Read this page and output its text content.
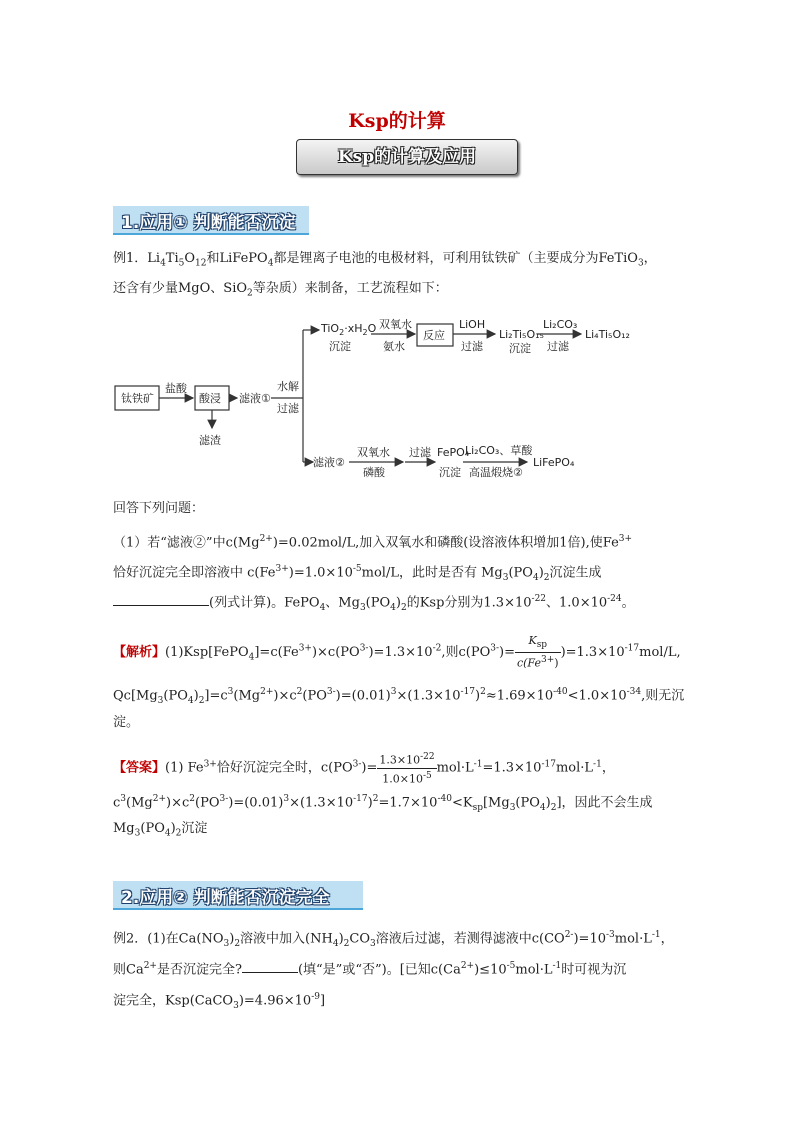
Ksp的计算
Ksp的计算及应用
1.应用① 判断能否沉淀
例1．$Li_4Ti_5O_{12}$和LiFePO$_4$都是锂离子电池的电极材料，可利用钛铁矿（主要成分为FeTiO$_3$，
还含有少量MgO、SiO$_2$等杂质）来制备，工艺流程如下：
钛铁矿
盐酸
酸浸
滤渣
滤液①
水解
过滤
$TiO_2\cdot xH_2O$
沉淀
双氧水
氨水
反应
LiOH
过滤
Li₂Ti₅O₁₅
沉淀
Li₂CO₃
过滤
Li₄Ti₅O₁₂
滤液②
双氧水
磷酸
过滤 FePO₄
沉淀
Li₂CO₃、草酸
高温煅烧②
LiFePO₄
回答下列问题：
（1）若“滤液②”中$c(Mg^{2+})=0.02mol/L$,加入双氧水和磷酸(设溶液体积增加1倍),使$Fe^{3+}$
恰好沉淀完全即溶液中 $c(Fe^{3+})=1.0\times 10^{-5}mol/L$，此时是否有 $Mg_3(PO_4)_2$沉淀生成
(列式计算)。FePO$_4$、$Mg_3(PO_4)_2$的Ksp分别为$1.3\times 10^{-22}$、$1.0\times 10^{-24}$。
【解析】$(1)Ksp[FePO_4]=c(Fe^{3+})\times c(PO^{3-})=1.3\times 10^{-2}$,则$c(PO^{3-})= \frac{K_{sp}}{c(Fe^{3+})} )=1.3\times 10^{-17}mol/L$,
$Qc[Mg_3(PO_4)_2]=c^3(Mg^{2+})\times c^2(PO^{3-})=(0.01)^3\times(1.3\times 10^{-17})^2\approx 1.69\times 10^{-40}<1.0\times 10^{-34}$,则无沉
淀。
【答案】(1) $Fe^{3+}$恰好沉淀完全时，$c(PO^{3-})= \frac{1.3\times 10^{-22}}{1.0\times 10^{-5}} mol\cdot L^{-1}=1.3\times 10^{-17}mol\cdot L^{-1}$，
$c^3(Mg^{2+})\times c^2(PO^{3-})=(0.01)^3\times(1.3\times 10^{-17})^2=1.7\times 10^{-40}<K_{sp}[Mg_3(PO_4)_2]$，因此不会生成
$Mg_3(PO_4)_2$沉淀
2.应用② 判断能否沉淀完全
例2．(1)在$Ca(NO_3)_2$溶液中加入$(NH_4)_2CO_3$溶液后过滤，若测得滤液中$c(CO^{2-})=10^{-3}mol\cdot L^{-1}$，
则$Ca^{2+}$是否沉淀完全?	(填“是”或“否”)。[已知$c(Ca^{2+})\le 10^{-5}mol\cdot L^{-1}$时可视为沉
淀完全，$Ksp(CaCO_3)=4.96\times 10^{-9}$]
